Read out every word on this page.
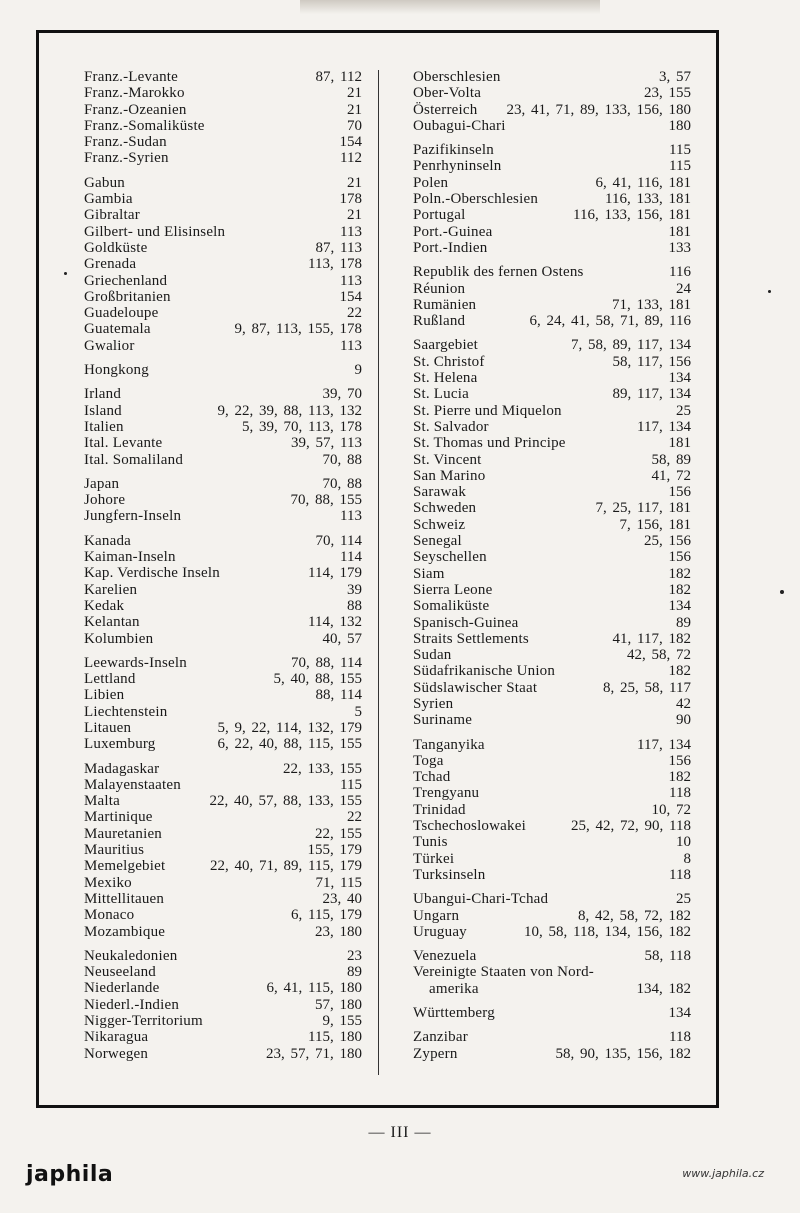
Franz.-Levante	87, 112
Franz.-Marokko	21
Franz.-Ozeanien	21
Franz.-Somaliküste	70
Franz.-Sudan	154
Franz.-Syrien	112
Gabun	21
Gambia	178
Gibraltar	21
Gilbert- und Elisinseln	113
Goldküste	87, 113
Grenada	113, 178
Griechenland	113
Großbritanien	154
Guadeloupe	22
Guatemala	9, 87, 113, 155, 178
Gwalior	113
Hongkong	9
Irland	39, 70
Island	9, 22, 39, 88, 113, 132
Italien	5, 39, 70, 113, 178
Ital. Levante	39, 57, 113
Ital. Somaliland	70, 88
Japan	70, 88
Johore	70, 88, 155
Jungfern-Inseln	113
Kanada	70, 114
Kaiman-Inseln	114
Kap. Verdische Inseln	114, 179
Karelien	39
Kedak	88
Kelantan	114, 132
Kolumbien	40, 57
Leewards-Inseln	70, 88, 114
Lettland	5, 40, 88, 155
Libien	88, 114
Liechtenstein	5
Litauen	5, 9, 22, 114, 132, 179
Luxemburg	6, 22, 40, 88, 115, 155
Madagaskar	22, 133, 155
Malayenstaaten	115
Malta	22, 40, 57, 88, 133, 155
Martinique	22
Mauretanien	22, 155
Mauritius	155, 179
Memelgebiet	22, 40, 71, 89, 115, 179
Mexiko	71, 115
Mittellitauen	23, 40
Monaco	6, 115, 179
Mozambique	23, 180
Neukaledonien	23
Neuseeland	89
Niederlande	6, 41, 115, 180
Niederl.-Indien	57, 180
Nigger-Territorium	9, 155
Nikaragua	115, 180
Norwegen	23, 57, 71, 180
Oberschlesien	3, 57
Ober-Volta	23, 155
Österreich 23, 41, 71, 89, 133, 156, 180
Oubagui-Chari	180
Pazifikinseln	115
Penrhyninseln	115
Polen	6, 41, 116, 181
Poln.-Oberschlesien	116, 133, 181
Portugal	116, 133, 156, 181
Port.-Guinea	181
Port.-Indien	133
Republik des fernen Ostens	116
Réunion	24
Rumänien	71, 133, 181
Rußland	6, 24, 41, 58, 71, 89, 116
Saargebiet	7, 58, 89, 117, 134
St. Christof	58, 117, 156
St. Helena	134
St. Lucia	89, 117, 134
St. Pierre und Miquelon	25
St. Salvador	117, 134
St. Thomas und Principe	181
St. Vincent	58, 89
San Marino	41, 72
Sarawak	156
Schweden	7, 25, 117, 181
Schweiz	7, 156, 181
Senegal	25, 156
Seyschellen	156
Siam	182
Sierra Leone	182
Somaliküste	134
Spanisch-Guinea	89
Straits Settlements	41, 117, 182
Sudan	42, 58, 72
Südafrikanische Union	182
Südslawischer Staat	8, 25, 58, 117
Syrien	42
Suriname	90
Tanganyika	117, 134
Toga	156
Tchad	182
Trengyanu	118
Trinidad	10, 72
Tschechoslowakei	25, 42, 72, 90, 118
Tunis	10
Türkei	8
Turksinseln	118
Ubangui-Chari-Tchad	25
Ungarn	8, 42, 58, 72, 182
Uruguay	10, 58, 118, 134, 156, 182
Venezuela	58, 118
Vereinigte Staaten von Nord-
amerika	134, 182
Württemberg	134
Zanzibar	118
Zypern	58, 90, 135, 156, 182
— III —
japhila	www.japhila.cz
